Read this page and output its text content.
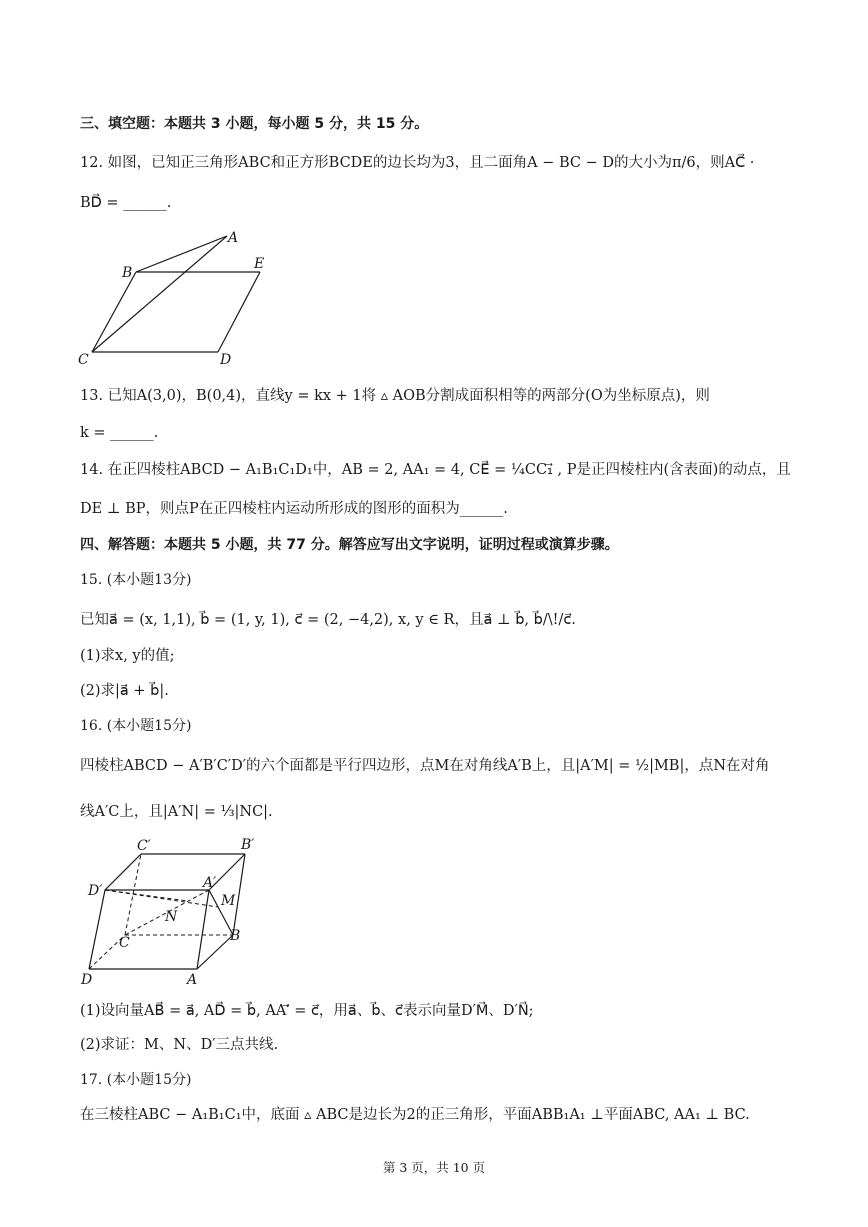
三、填空题：本题共 3 小题，每小题 5 分，共 15 分。
12. 如图，已知正三角形ABC和正方形BCDE的边长均为3，且二面角A − BC − D的大小为π/6，则AC⃗ ·
BD⃗ = ______.
A
B
E
C	D
13. 已知A(3,0)，B(0,4)，直线y = kx + 1将 ▵ AOB分割成面积相等的两部分(O为坐标原点)，则
k = ______.
14. 在正四棱柱ABCD − A₁B₁C₁D₁中，AB = 2, AA₁ = 4, CE⃗ = ¼CC₁⃗ , P是正四棱柱内(含表面)的动点，且
DE ⊥ BP，则点P在正四棱柱内运动所形成的图形的面积为______.
四、解答题：本题共 5 小题，共 77 分。解答应写出文字说明，证明过程或演算步骤。
15. (本小题13分)
已知a⃗ = (x, 1,1), b⃗ = (1, y, 1), c⃗ = (2, −4,2), x, y ∈ R，且a⃗ ⊥ b⃗, b⃗/\!/c⃗.
(1)求x, y的值;
(2)求|a⃗ + b⃗|.
16. (本小题15分)
四棱柱ABCD − A′B′C′D′的六个面都是平行四边形，点M在对角线A′B上，且|A′M| = ½|MB|，点N在对角
线A′C上，且|A′N| = ⅓|NC|.
C′	B′
D′	A′
M
N
C	B
D	A
(1)设向量AB⃗ = a⃗, AD⃗ = b⃗, AA′⃗ = c⃗，用a⃗、b⃗、c⃗表示向量D′M⃗、D′N⃗;
(2)求证：M、N、D′三点共线.
17. (本小题15分)
在三棱柱ABC − A₁B₁C₁中，底面 ▵ ABC是边长为2的正三角形，平面ABB₁A₁ ⊥平面ABC, AA₁ ⊥ BC.
第 3 页，共 10 页
